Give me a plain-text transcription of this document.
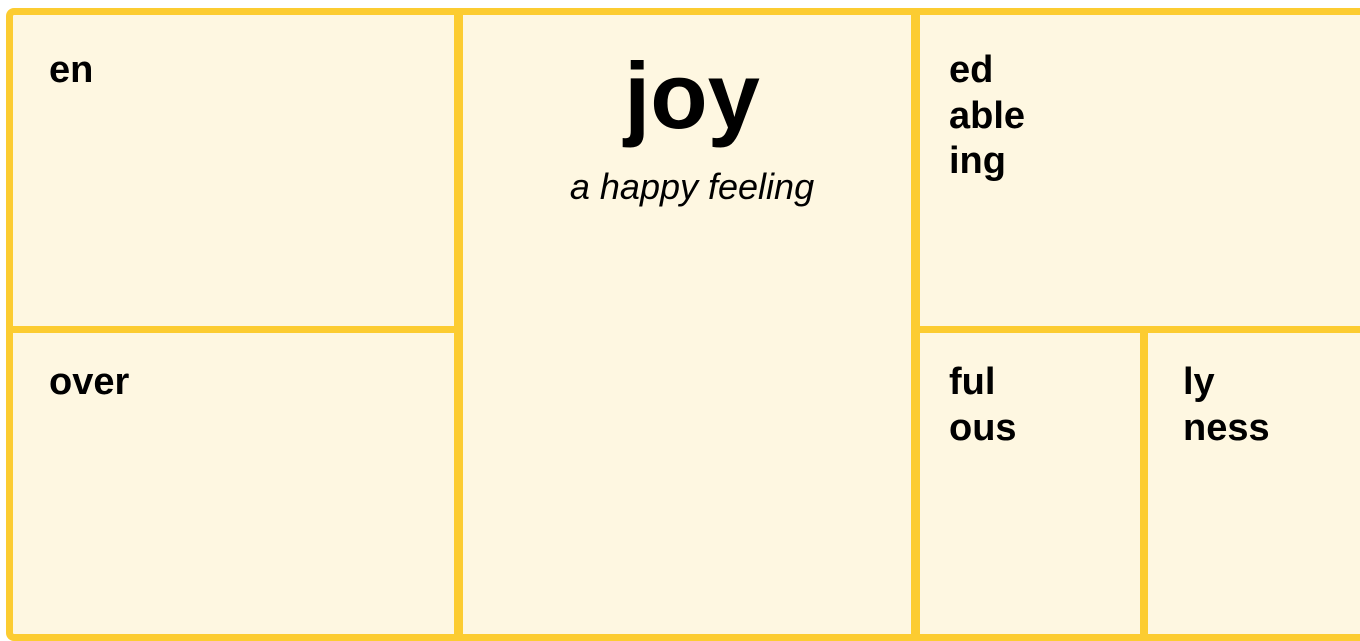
en
over
joy
a happy feeling
ed
able
ing
ful
ous
ly
ness
